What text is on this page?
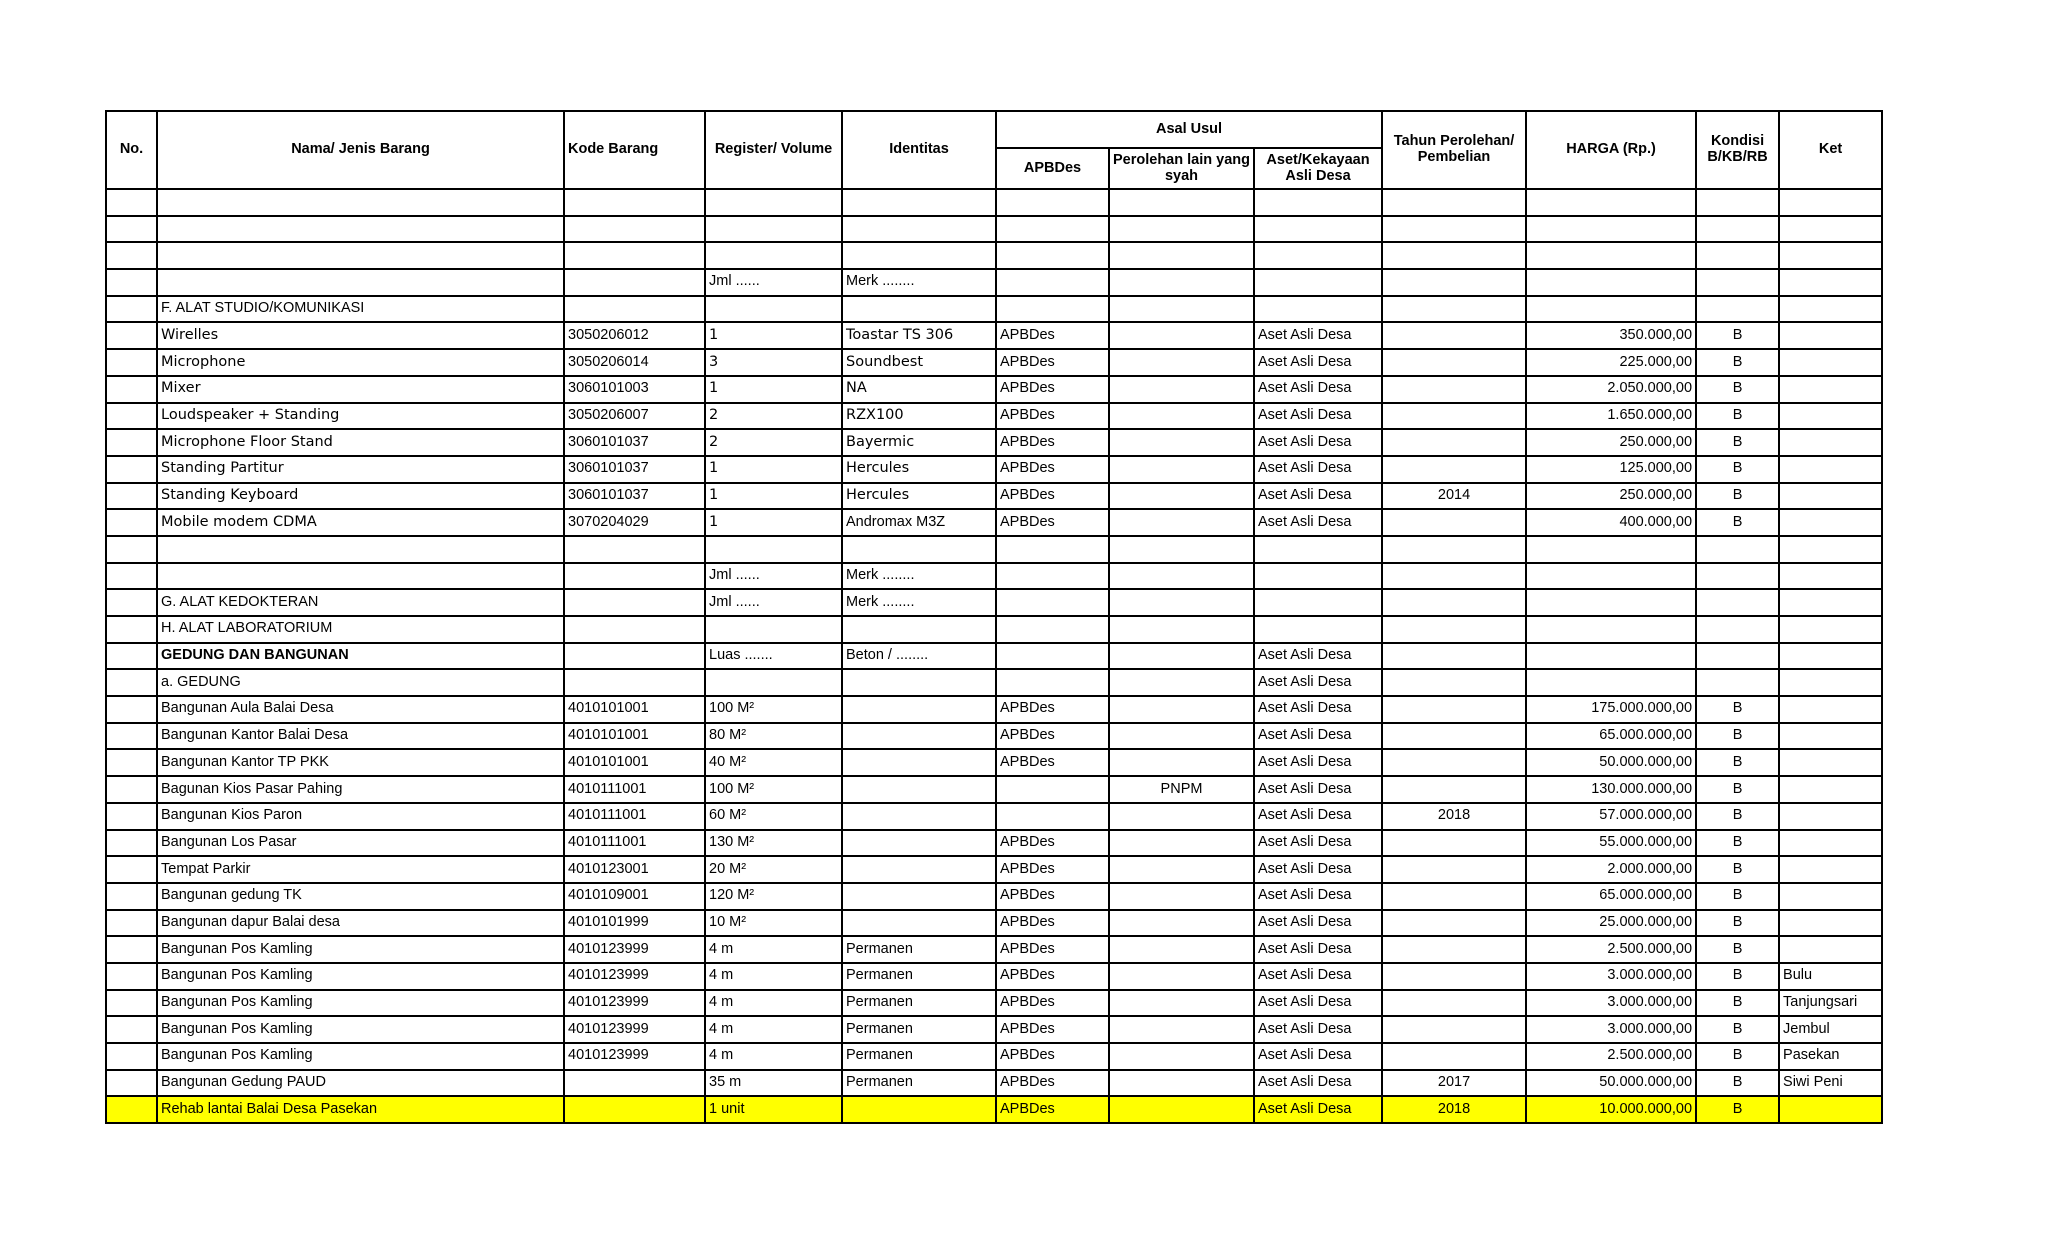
No.	Nama/ Jenis Barang	Kode Barang	Register/ Volume	Identitas	Asal Usul			Tahun Perolehan/ Pembelian	HARGA (Rp.)	Kondisi B/KB/RB	Ket
					APBDes	Perolehan lain yang syah	Aset/Kekayaan Asli Desa				

			Jml ......	Merk ........							
	F. ALAT STUDIO/KOMUNIKASI										
	Wirelles	3050206012	1	Toastar TS 306	APBDes		Aset Asli Desa		350.000,00	B	
	Microphone	3050206014	3	Soundbest	APBDes		Aset Asli Desa		225.000,00	B	
	Mixer	3060101003	1	NA	APBDes		Aset Asli Desa		2.050.000,00	B	
	Loudspeaker + Standing	3050206007	2	RZX100	APBDes		Aset Asli Desa		1.650.000,00	B	
	Microphone Floor Stand	3060101037	2	Bayermic	APBDes		Aset Asli Desa		250.000,00	B	
	Standing Partitur	3060101037	1	Hercules	APBDes		Aset Asli Desa		125.000,00	B	
	Standing Keyboard	3060101037	1	Hercules	APBDes		Aset Asli Desa	2014	250.000,00	B	
	Mobile modem CDMA	3070204029	1	Andromax M3Z	APBDes		Aset Asli Desa		400.000,00	B	

			Jml ......	Merk ........							
	G. ALAT KEDOKTERAN		Jml ......	Merk ........							
	H. ALAT LABORATORIUM										
	GEDUNG DAN BANGUNAN		Luas .......	Beton / ........			Aset Asli Desa				
	a. GEDUNG						Aset Asli Desa				
	Bangunan Aula Balai Desa	4010101001	100 M²		APBDes		Aset Asli Desa		175.000.000,00	B	
	Bangunan Kantor Balai Desa	4010101001	80 M²		APBDes		Aset Asli Desa		65.000.000,00	B	
	Bangunan Kantor TP PKK	4010101001	40 M²		APBDes		Aset Asli Desa		50.000.000,00	B	
	Bagunan Kios Pasar Pahing	4010111001	100 M²			PNPM	Aset Asli Desa		130.000.000,00	B	
	Bangunan Kios Paron	4010111001	60 M²				Aset Asli Desa	2018	57.000.000,00	B	
	Bangunan Los Pasar	4010111001	130 M²		APBDes		Aset Asli Desa		55.000.000,00	B	
	Tempat Parkir	4010123001	20 M²		APBDes		Aset Asli Desa		2.000.000,00	B	
	Bangunan gedung TK	4010109001	120 M²		APBDes		Aset Asli Desa		65.000.000,00	B	
	Bangunan dapur Balai desa	4010101999	10 M²		APBDes		Aset Asli Desa		25.000.000,00	B	
	Bangunan Pos Kamling	4010123999	4 m	Permanen	APBDes		Aset Asli Desa		2.500.000,00	B	
	Bangunan Pos Kamling	4010123999	4 m	Permanen	APBDes		Aset Asli Desa		3.000.000,00	B	Bulu
	Bangunan Pos Kamling	4010123999	4 m	Permanen	APBDes		Aset Asli Desa		3.000.000,00	B	Tanjungsari
	Bangunan Pos Kamling	4010123999	4 m	Permanen	APBDes		Aset Asli Desa		3.000.000,00	B	Jembul
	Bangunan Pos Kamling	4010123999	4 m	Permanen	APBDes		Aset Asli Desa		2.500.000,00	B	Pasekan
	Bangunan Gedung PAUD		35 m	Permanen	APBDes		Aset Asli Desa	2017	50.000.000,00	B	Siwi Peni
	Rehab lantai Balai Desa Pasekan		1 unit		APBDes		Aset Asli Desa	2018	10.000.000,00	B	
